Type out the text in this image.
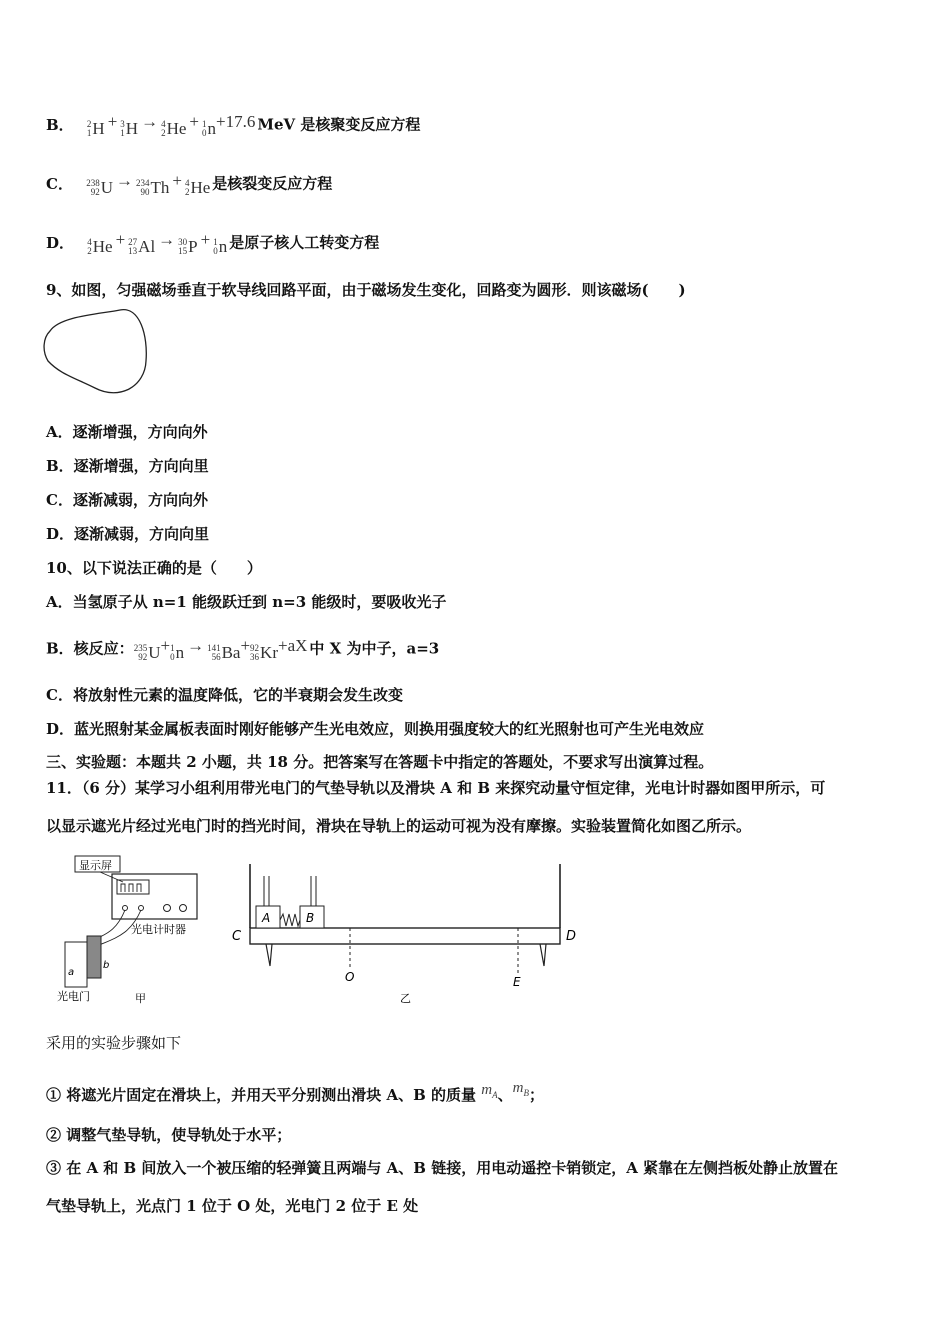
B． 2
1 H + 3
1 H → 4
2 He + 1
0 n +17.6 MeV 是核聚变反应方程
C． 238
92 U → 234
90 Th + 4
2 He 是核裂变反应方程
D． 4
2 He + 27
13 Al → 30
15 P + 1
0 n 是原子核人工转变方程
9、如图，匀强磁场垂直于软导线回路平面，由于磁场发生变化，回路变为圆形．则该磁场(　　)
A．逐渐增强，方向向外
B．逐渐增强，方向向里
C．逐渐减弱，方向向外
D．逐渐减弱，方向向里
10、以下说法正确的是（　　）
A．当氢原子从 n=1 能级跃迁到 n=3 能级时，要吸收光子
B．核反应： 235
92 U + 1
0 n → 141
56 Ba + 92
36 Kr +aX 中 X 为中子，a=3
C．将放射性元素的温度降低，它的半衰期会发生改变
D．蓝光照射某金属板表面时刚好能够产生光电效应，则换用强度较大的红光照射也可产生光电效应
三、实验题：本题共 2 小题，共 18 分。把答案写在答题卡中指定的答题处，不要求写出演算过程。
11．（6 分）某学习小组利用带光电门的气垫导轨以及滑块 A 和 B 来探究动量守恒定律，光电计时器如图甲所示，可
以显示遮光片经过光电门时的挡光时间，滑块在导轨上的运动可视为没有摩擦。实验装置简化如图乙所示。
显示屏
光电计时器
a
b
光电门	甲
A	B
C	D
O	E
乙
采用的实验步骤如下
① 将遮光片固定在滑块上，并用天平分别测出滑块 A、B 的质量 $m_A$、$m_B$；
② 调整气垫导轨，使导轨处于水平；
③ 在 A 和 B 间放入一个被压缩的轻弹簧且两端与 A、B 链接，用电动遥控卡销锁定，A 紧靠在左侧挡板处静止放置在
气垫导轨上，光点门 1 位于 O 处，光电门 2 位于 E 处
